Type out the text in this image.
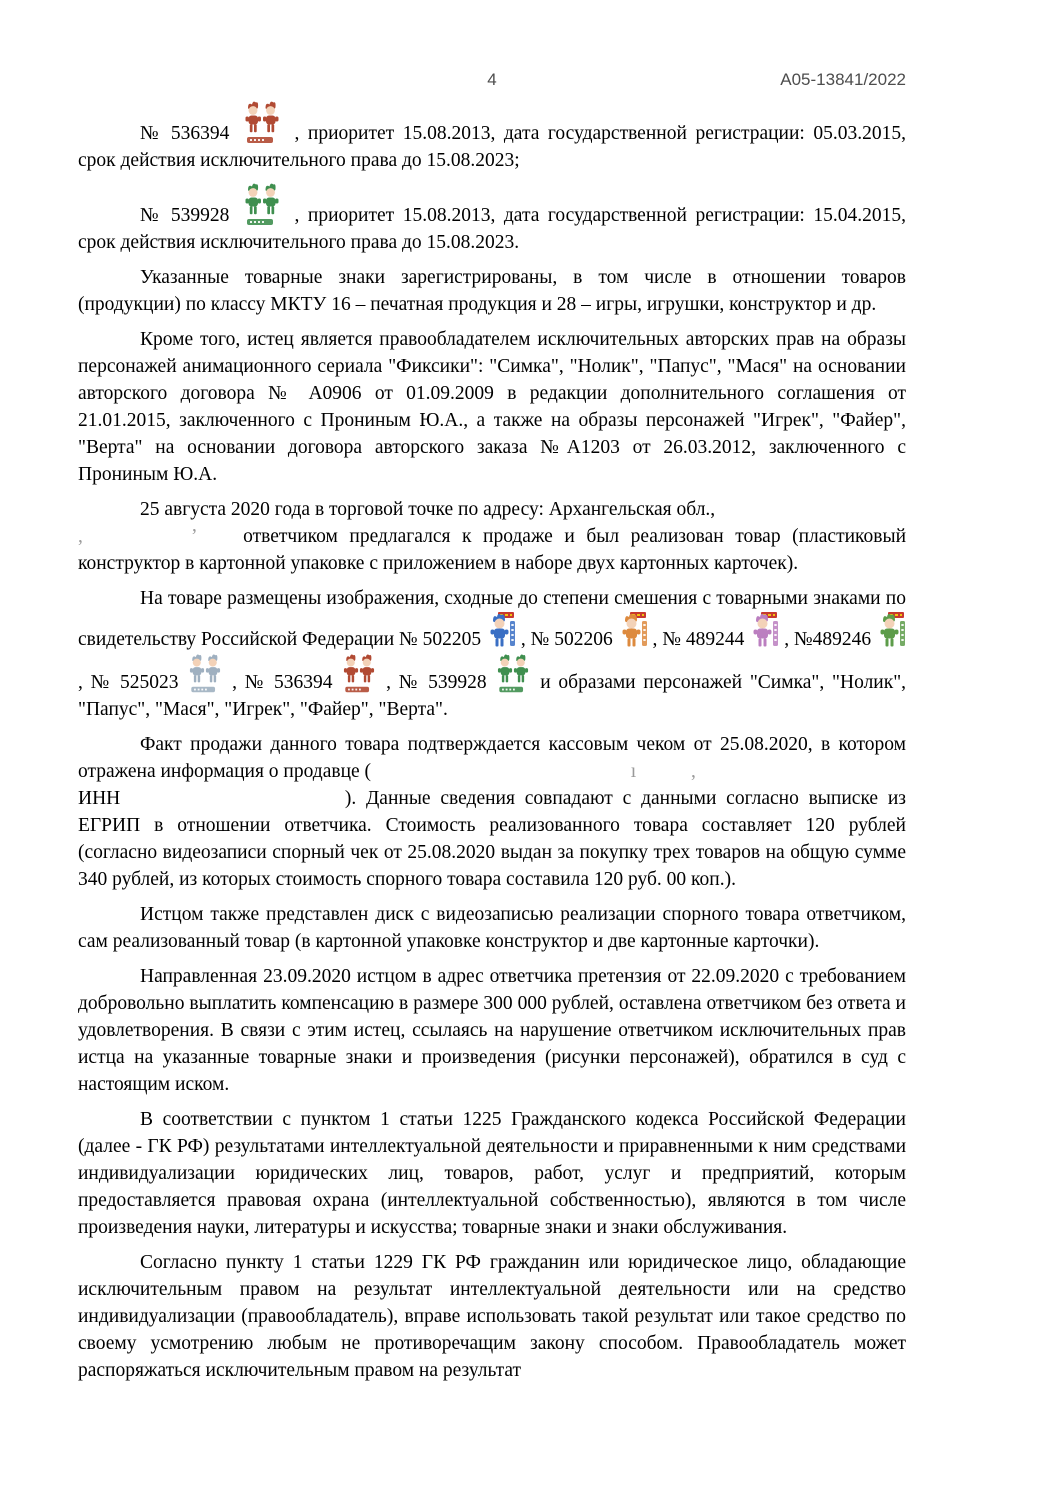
4	А05-13841/2022

№ 536394	, приоритет 15.08.2013, дата государственной регистрации: 05.03.2015, срок действия исключительного права до 15.08.2023;

№ 539928	, приоритет 15.08.2013, дата государственной регистрации: 15.04.2015, срок действия исключительного права до 15.08.2023.

Указанные товарные знаки зарегистрированы, в том числе в отношении товаров (продукции) по классу МКТУ 16 – печатная продукция и 28 – игры, игрушки, конструктор и др.

Кроме того, истец является правообладателем исключительных авторских прав на образы персонажей анимационного сериала "Фиксики": "Симка", "Нолик", "Папус", "Мася" на основании авторского договора № А0906 от 01.09.2009 в редакции дополнительного соглашения от 21.01.2015, заключенного с Прониным Ю.А., а также на образы персонажей "Игрек", "Файер", "Верта" на основании договора авторского заказа №А1203 от 26.03.2012, заключенного с Прониным Ю.А.

25 августа 2020 года в торговой точке по адресу: Архангельская обл.,
,	’ ответчиком предлагался к продаже и был реализован товар (пластиковый конструктор в картонной упаковке с приложением в наборе двух картонных карточек).

На товаре размещены изображения, сходные до степени смешения с товарными знаками по свидетельству Российской Федерации № 502205 , № 502206 , № 489244 , №489246  , № 525023	, № 536394	, № 539928	и образами персонажей "Симка", "Нолик", "Папус", "Мася", "Игрек", "Файер", "Верта".

Факт продажи данного товара подтверждается кассовым чеком от 25.08.2020, в котором отражена информация о продавце (	ı	,
ИНН	). Данные сведения совпадают с данными согласно выписке из ЕГРИП в отношении ответчика. Стоимость реализованного товара составляет 120 рублей (согласно видеозаписи спорный чек от 25.08.2020 выдан за покупку трех товаров на общую сумме 340 рублей, из которых стоимость спорного товара составила 120 руб. 00 коп.).

Истцом также представлен диск с видеозаписью реализации спорного товара ответчиком, сам реализованный товар (в картонной упаковке конструктор и две картонные карточки).

Направленная 23.09.2020 истцом в адрес ответчика претензия от 22.09.2020 с требованием добровольно выплатить компенсацию в размере 300 000 рублей, оставлена ответчиком без ответа и удовлетворения. В связи с этим истец, ссылаясь на нарушение ответчиком исключительных прав истца на указанные товарные знаки и произведения (рисунки персонажей), обратился в суд с настоящим иском.

В соответствии с пунктом 1 статьи 1225 Гражданского кодекса Российской Федерации (далее - ГК РФ) результатами интеллектуальной деятельности и приравненными к ним средствами индивидуализации юридических лиц, товаров, работ, услуг и предприятий, которым предоставляется правовая охрана (интеллектуальной собственностью), являются в том числе произведения науки, литературы и искусства; товарные знаки и знаки обслуживания.

Согласно пункту 1 статьи 1229 ГК РФ гражданин или юридическое лицо, обладающие исключительным правом на результат интеллектуальной деятельности или на средство индивидуализации (правообладатель), вправе использовать такой результат или такое средство по своему усмотрению любым не противоречащим закону способом. Правообладатель может распоряжаться исключительным правом на результат
